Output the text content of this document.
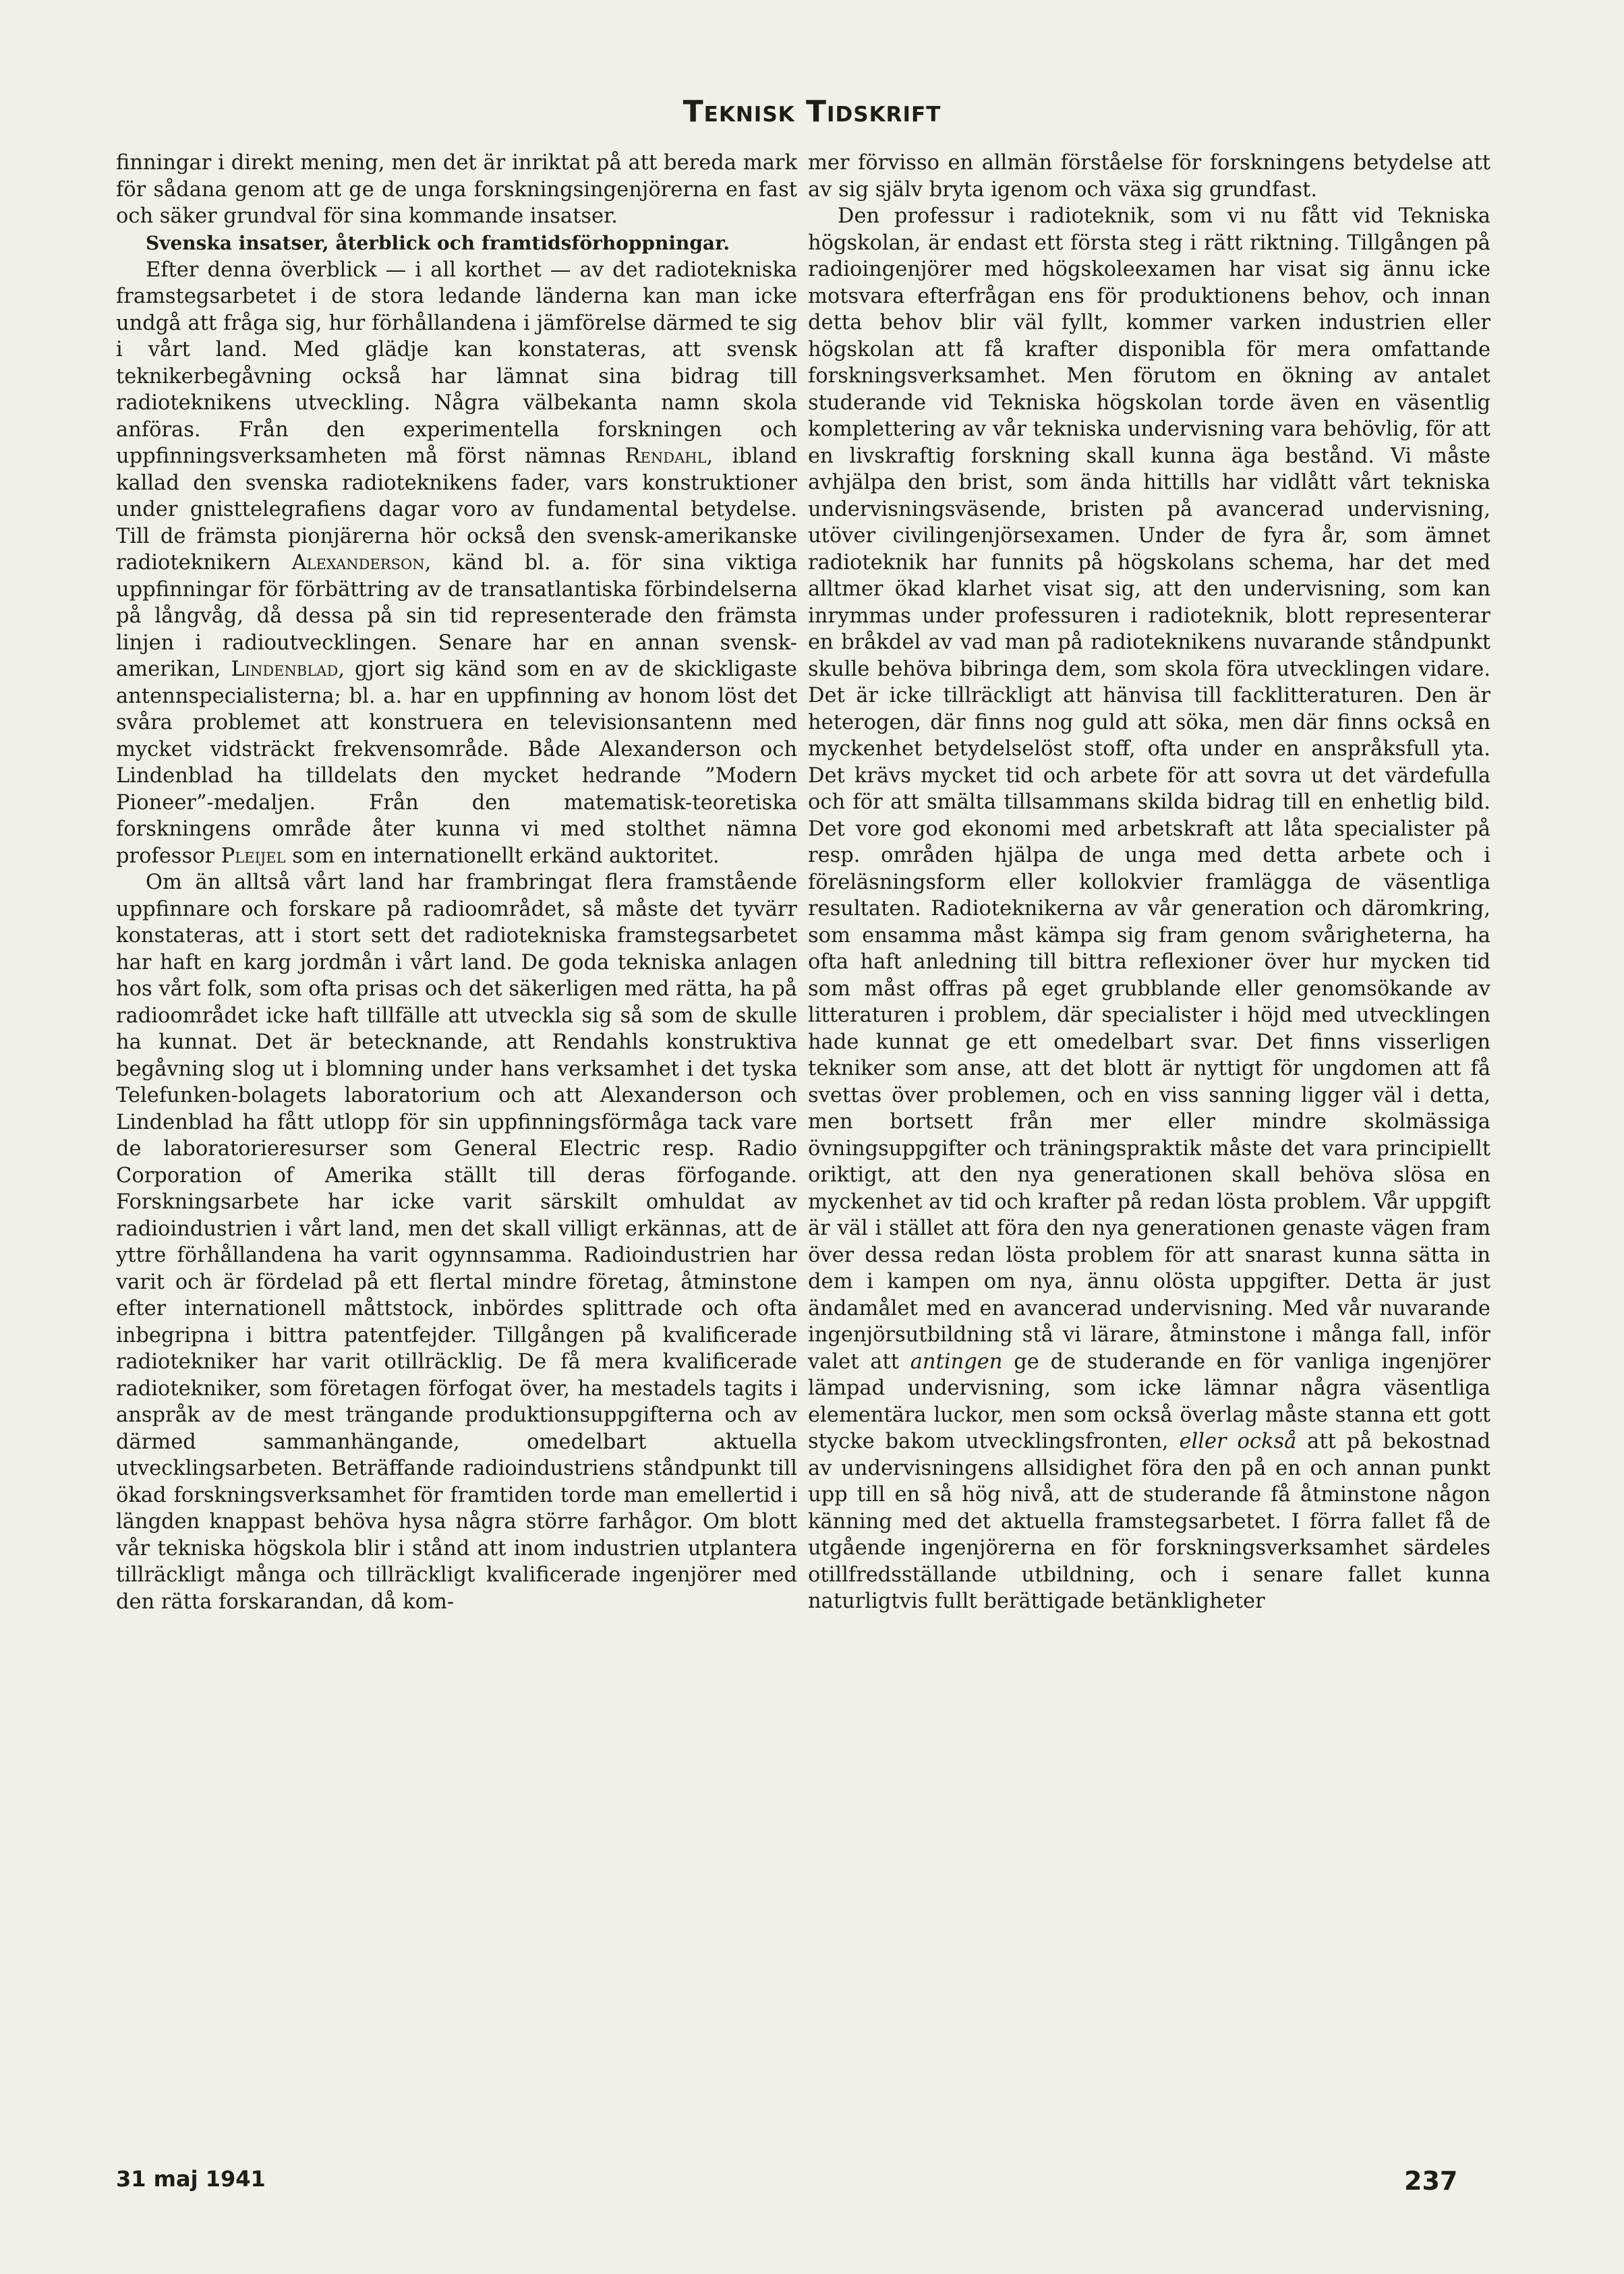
Teknisk Tidskrift

finningar i direkt mening, men det är inriktat på att bereda mark för sådana genom att ge de unga forskningsingenjörerna en fast och säker grundval för sina kommande insatser.

Svenska insatser, återblick och framtidsförhoppningar.

Efter denna överblick — i all korthet — av det radiotekniska framstegsarbetet i de stora ledande länderna kan man icke undgå att fråga sig, hur förhållandena i jämförelse därmed te sig i vårt land. Med glädje kan konstateras, att svensk teknikerbegåvning också har lämnat sina bidrag till radioteknikens utveckling. Några välbekanta namn skola anföras. Från den experimentella forskningen och uppfinningsverksamheten må först nämnas Rendahl, ibland kallad den svenska radioteknikens fader, vars konstruktioner under gnisttelegrafiens dagar voro av fundamental betydelse. Till de främsta pionjärerna hör också den svensk-amerikanske radioteknikern Alexanderson, känd bl. a. för sina viktiga uppfinningar för förbättring av de transatlantiska förbindelserna på långvåg, då dessa på sin tid representerade den främsta linjen i radioutvecklingen. Senare har en annan svensk-amerikan, Lindenblad, gjort sig känd som en av de skickligaste antennspecialisterna; bl. a. har en uppfinning av honom löst det svåra problemet att konstruera en televisionsantenn med mycket vidsträckt frekvensområde. Både Alexanderson och Lindenblad ha tilldelats den mycket hedrande ”Modern Pioneer”-medaljen. Från den matematisk-teoretiska forskningens område åter kunna vi med stolthet nämna professor Pleijel som en internationellt erkänd auktoritet.

Om än alltså vårt land har frambringat flera framstående uppfinnare och forskare på radioområdet, så måste det tyvärr konstateras, att i stort sett det radiotekniska framstegsarbetet har haft en karg jordmån i vårt land. De goda tekniska anlagen hos vårt folk, som ofta prisas och det säkerligen med rätta, ha på radioområdet icke haft tillfälle att utveckla sig så som de skulle ha kunnat. Det är betecknande, att Rendahls konstruktiva begåvning slog ut i blomning under hans verksamhet i det tyska Telefunken-bolagets laboratorium och att Alexanderson och Lindenblad ha fått utlopp för sin uppfinningsförmåga tack vare de laboratorieresurser som General Electric resp. Radio Corporation of Amerika ställt till deras förfogande. Forskningsarbete har icke varit särskilt omhuldat av radioindustrien i vårt land, men det skall villigt erkännas, att de yttre förhållandena ha varit ogynnsamma. Radioindustrien har varit och är fördelad på ett flertal mindre företag, åtminstone efter internationell måttstock, inbördes splittrade och ofta inbegripna i bittra patentfejder. Tillgången på kvalificerade radiotekniker har varit otillräcklig. De få mera kvalificerade radiotekniker, som företagen förfogat över, ha mestadels tagits i anspråk av de mest trängande produktionsuppgifterna och av därmed sammanhängande, omedelbart aktuella utvecklingsarbeten. Beträffande radioindustriens ståndpunkt till ökad forskningsverksamhet för framtiden torde man emellertid i längden knappast behöva hysa några större farhågor. Om blott vår tekniska högskola blir i stånd att inom industrien utplantera tillräckligt många och tillräckligt kvalificerade ingenjörer med den rätta forskarandan, då kom-

mer förvisso en allmän förståelse för forskningens betydelse att av sig själv bryta igenom och växa sig grundfast.

Den professur i radioteknik, som vi nu fått vid Tekniska högskolan, är endast ett första steg i rätt riktning. Tillgången på radioingenjörer med högskoleexamen har visat sig ännu icke motsvara efterfrågan ens för produktionens behov, och innan detta behov blir väl fyllt, kommer varken industrien eller högskolan att få krafter disponibla för mera omfattande forskningsverksamhet. Men förutom en ökning av antalet studerande vid Tekniska högskolan torde även en väsentlig komplettering av vår tekniska undervisning vara behövlig, för att en livskraftig forskning skall kunna äga bestånd. Vi måste avhjälpa den brist, som ända hittills har vidlått vårt tekniska undervisningsväsende, bristen på avancerad undervisning, utöver civilingenjörsexamen. Under de fyra år, som ämnet radioteknik har funnits på högskolans schema, har det med alltmer ökad klarhet visat sig, att den undervisning, som kan inrymmas under professuren i radioteknik, blott representerar en bråkdel av vad man på radioteknikens nuvarande ståndpunkt skulle behöva bibringa dem, som skola föra utvecklingen vidare. Det är icke tillräckligt att hänvisa till facklitteraturen. Den är heterogen, där finns nog guld att söka, men där finns också en myckenhet betydelselöst stoff, ofta under en anspråksfull yta. Det krävs mycket tid och arbete för att sovra ut det värdefulla och för att smälta tillsammans skilda bidrag till en enhetlig bild. Det vore god ekonomi med arbetskraft att låta specialister på resp. områden hjälpa de unga med detta arbete och i föreläsningsform eller kollokvier framlägga de väsentliga resultaten. Radioteknikerna av vår generation och däromkring, som ensamma måst kämpa sig fram genom svårigheterna, ha ofta haft anledning till bittra reflexioner över hur mycken tid som måst offras på eget grubblande eller genomsökande av litteraturen i problem, där specialister i höjd med utvecklingen hade kunnat ge ett omedelbart svar. Det finns visserligen tekniker som anse, att det blott är nyttigt för ungdomen att få svettas över problemen, och en viss sanning ligger väl i detta, men bortsett från mer eller mindre skolmässiga övningsuppgifter och träningspraktik måste det vara principiellt oriktigt, att den nya generationen skall behöva slösa en myckenhet av tid och krafter på redan lösta problem. Vår uppgift är väl i stället att föra den nya generationen genaste vägen fram över dessa redan lösta problem för att snarast kunna sätta in dem i kampen om nya, ännu olösta uppgifter. Detta är just ändamålet med en avancerad undervisning. Med vår nuvarande ingenjörsutbildning stå vi lärare, åtminstone i många fall, inför valet att antingen ge de studerande en för vanliga ingenjörer lämpad undervisning, som icke lämnar några väsentliga elementära luckor, men som också överlag måste stanna ett gott stycke bakom utvecklingsfronten, eller också att på bekostnad av undervisningens allsidighet föra den på en och annan punkt upp till en så hög nivå, att de studerande få åtminstone någon känning med det aktuella framstegsarbetet. I förra fallet få de utgående ingenjörerna en för forskningsverksamhet särdeles otillfredsställande utbildning, och i senare fallet kunna naturligtvis fullt berättigade betänkligheter

31 maj 1941	237
